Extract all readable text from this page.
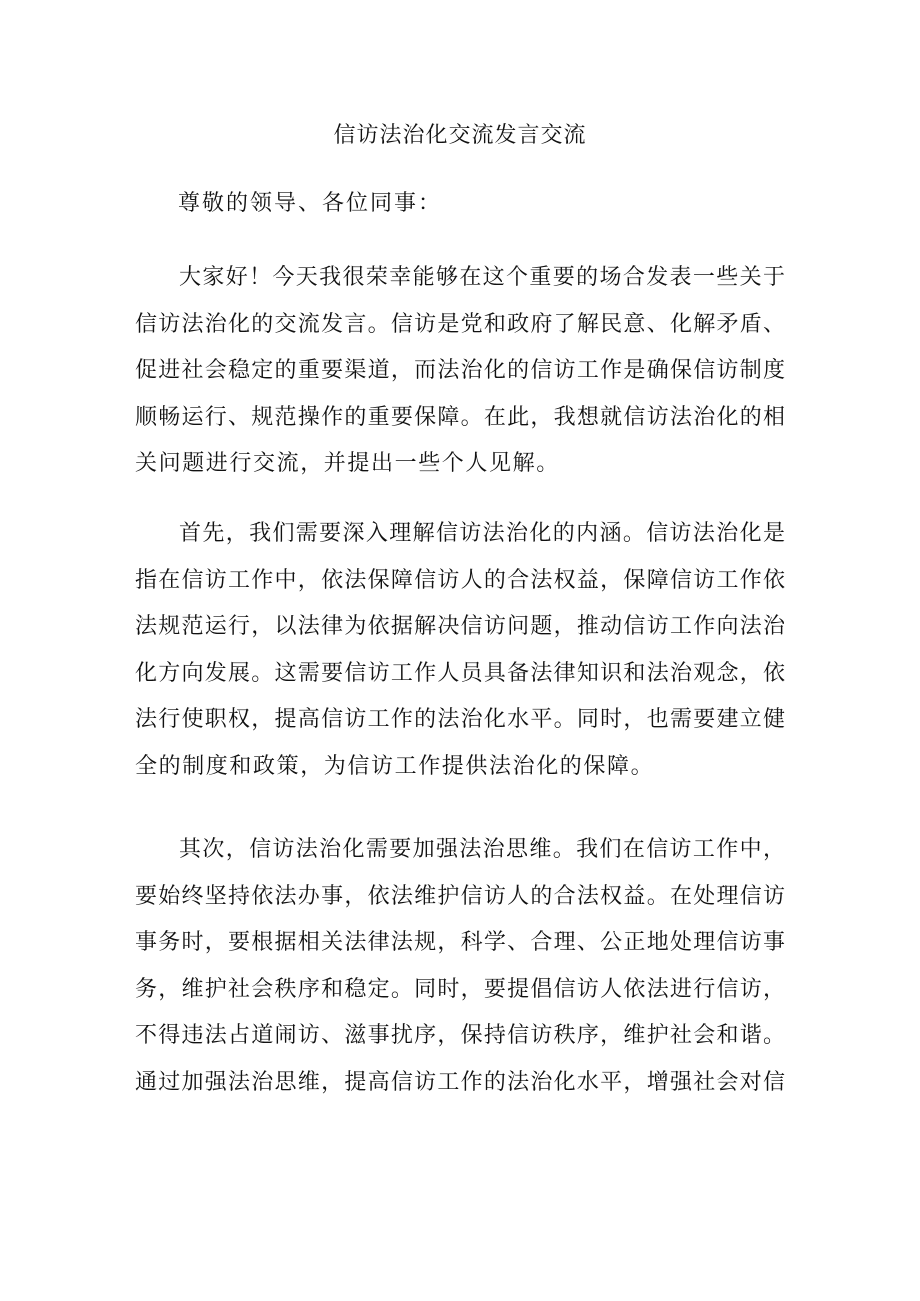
信访法治化交流发言交流
尊敬的领导、各位同事：
大家好！今天我很荣幸能够在这个重要的场合发表一些关于
信访法治化的交流发言。信访是党和政府了解民意、化解矛盾、
促进社会稳定的重要渠道，而法治化的信访工作是确保信访制度
顺畅运行、规范操作的重要保障。在此，我想就信访法治化的相
关问题进行交流，并提出一些个人见解。
首先，我们需要深入理解信访法治化的内涵。信访法治化是
指在信访工作中，依法保障信访人的合法权益，保障信访工作依
法规范运行，以法律为依据解决信访问题，推动信访工作向法治
化方向发展。这需要信访工作人员具备法律知识和法治观念，依
法行使职权，提高信访工作的法治化水平。同时，也需要建立健
全的制度和政策，为信访工作提供法治化的保障。
其次，信访法治化需要加强法治思维。我们在信访工作中，
要始终坚持依法办事，依法维护信访人的合法权益。在处理信访
事务时，要根据相关法律法规，科学、合理、公正地处理信访事
务，维护社会秩序和稳定。同时，要提倡信访人依法进行信访，
不得违法占道闹访、滋事扰序，保持信访秩序，维护社会和谐。
通过加强法治思维，提高信访工作的法治化水平，增强社会对信
